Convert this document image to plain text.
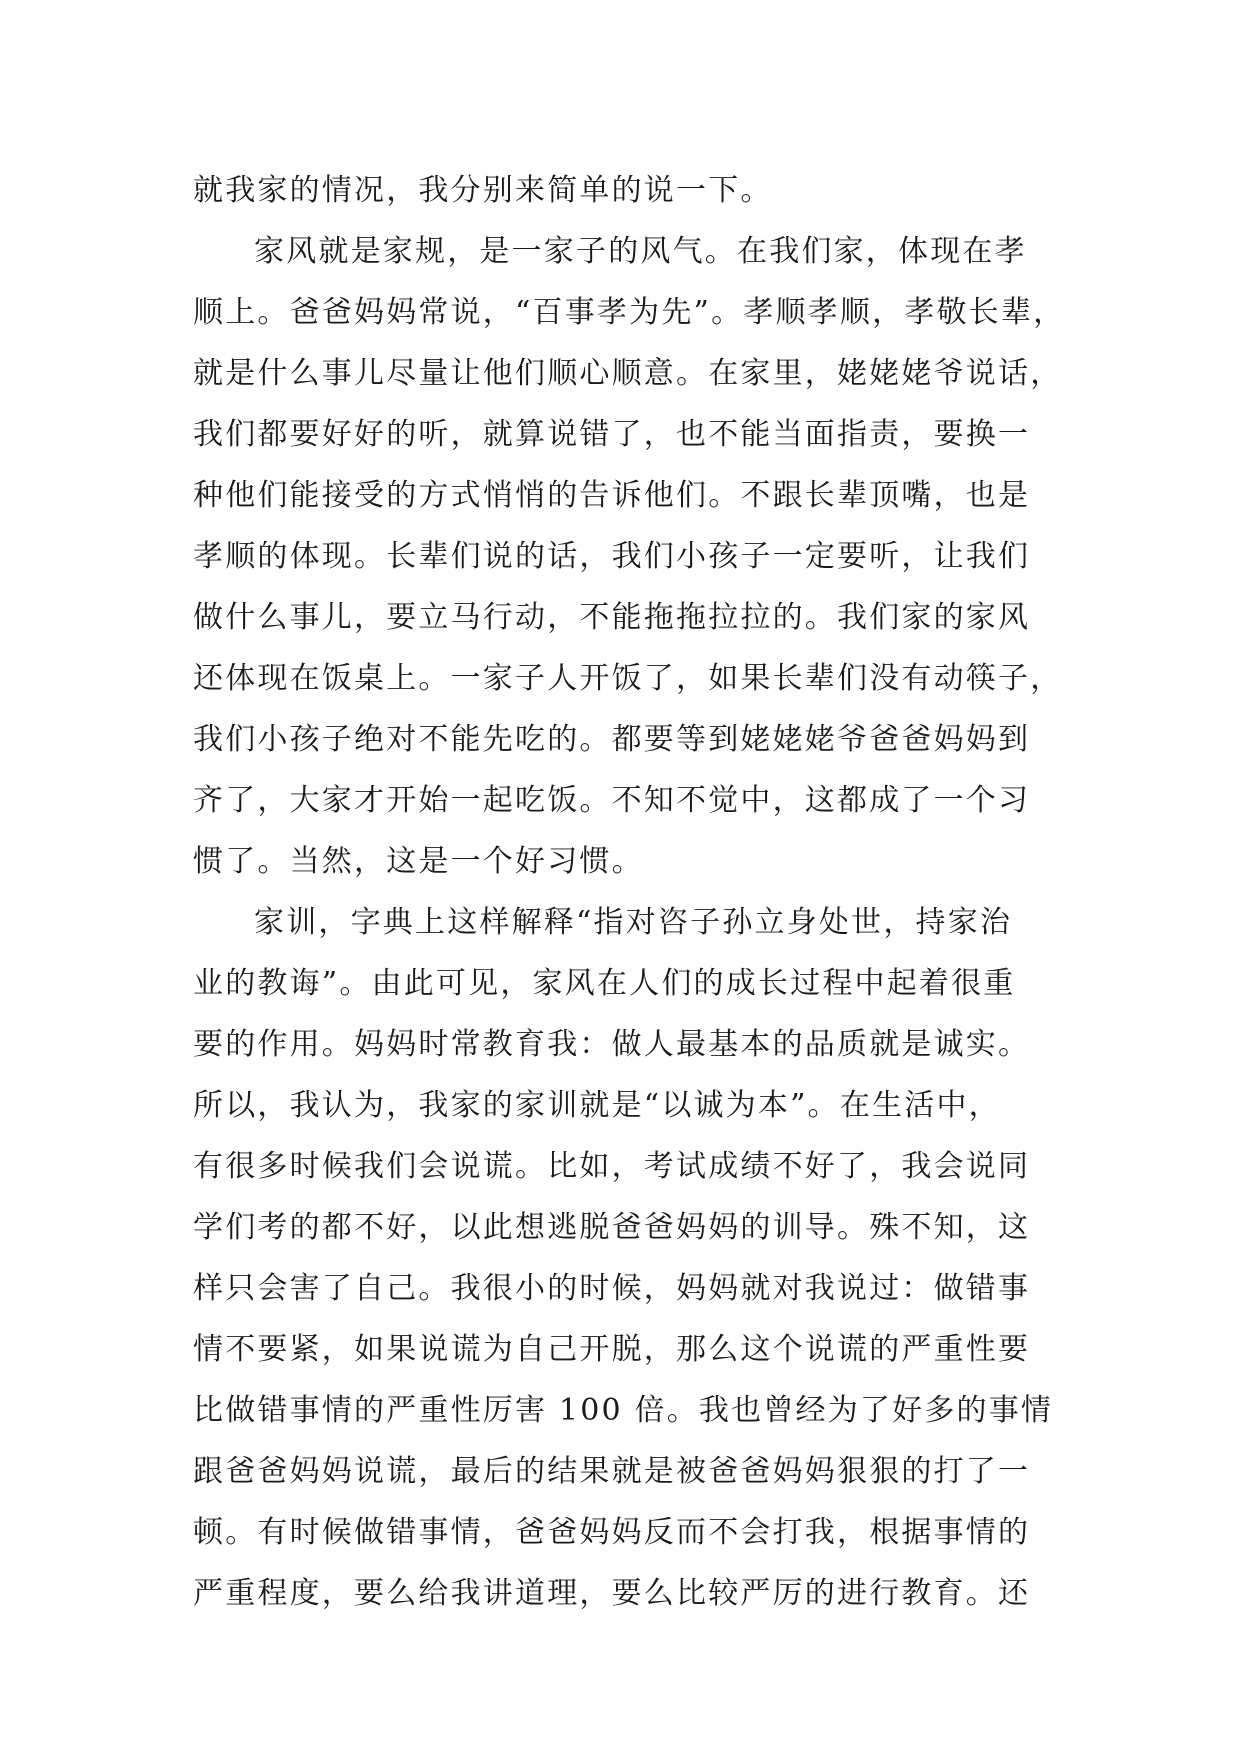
就我家的情况，我分别来简单的说一下。
家风就是家规，是一家子的风气。在我们家，体现在孝
顺上。爸爸妈妈常说，“百事孝为先”。孝顺孝顺，孝敬长辈，
就是什么事儿尽量让他们顺心顺意。在家里，姥姥姥爷说话，
我们都要好好的听，就算说错了，也不能当面指责，要换一
种他们能接受的方式悄悄的告诉他们。不跟长辈顶嘴，也是
孝顺的体现。长辈们说的话，我们小孩子一定要听，让我们
做什么事儿，要立马行动，不能拖拖拉拉的。我们家的家风
还体现在饭桌上。一家子人开饭了，如果长辈们没有动筷子，
我们小孩子绝对不能先吃的。都要等到姥姥姥爷爸爸妈妈到
齐了，大家才开始一起吃饭。不知不觉中，这都成了一个习
惯了。当然，这是一个好习惯。
家训，字典上这样解释“指对咨子孙立身处世，持家治
业的教诲”。由此可见，家风在人们的成长过程中起着很重
要的作用。妈妈时常教育我：做人最基本的品质就是诚实。
所以，我认为，我家的家训就是“以诚为本”。在生活中，
有很多时候我们会说谎。比如，考试成绩不好了，我会说同
学们考的都不好，以此想逃脱爸爸妈妈的训导。殊不知，这
样只会害了自己。我很小的时候，妈妈就对我说过：做错事
情不要紧，如果说谎为自己开脱，那么这个说谎的严重性要
比做错事情的严重性厉害 100 倍。我也曾经为了好多的事情
跟爸爸妈妈说谎，最后的结果就是被爸爸妈妈狠狠的打了一
顿。有时候做错事情，爸爸妈妈反而不会打我，根据事情的
严重程度，要么给我讲道理，要么比较严厉的进行教育。还
